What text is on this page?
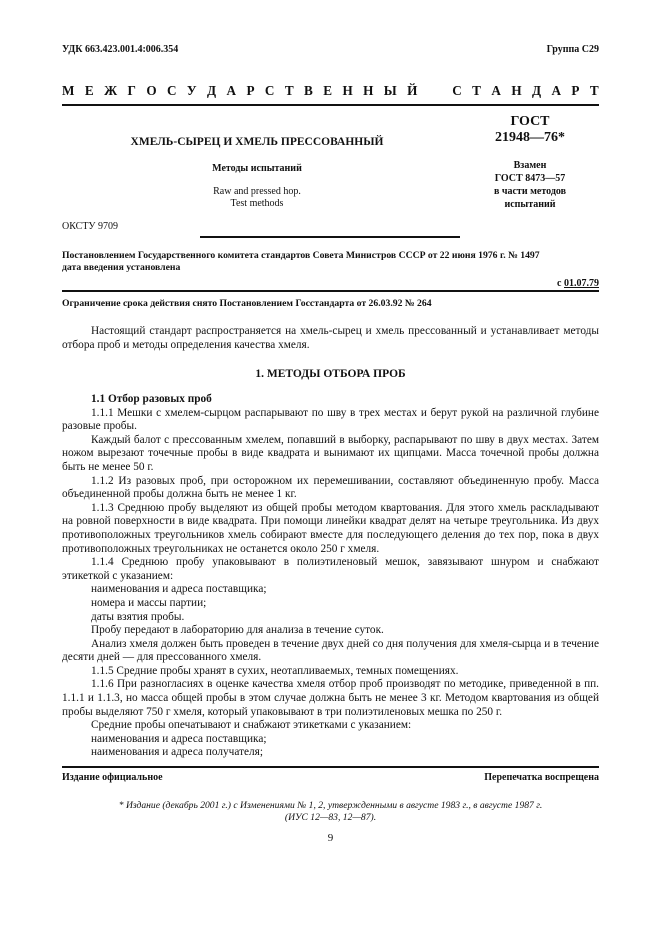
УДК 663.423.001.4:006.354	Группа С29
М Е Ж Г О С У Д А Р С Т В Е Н Н Ы Й	С Т А Н Д А Р Т
ХМЕЛЬ-СЫРЕЦ И ХМЕЛЬ ПРЕССОВАННЫЙ
Методы испытаний
Raw and pressed hop.
Test methods
ОКСТУ 9709
ГОСТ
21948—76*
Взамен
ГОСТ 8473—57
в части методов
испытаний
Постановлением Государственного комитета стандартов Совета Министров СССР от 22 июня 1976 г. № 1497
дата введения установлена
с 01.07.79
Ограничение срока действия снято Постановлением Госстандарта от 26.03.92 № 264

Настоящий стандарт распространяется на хмель-сырец и хмель прессованный и устанавливает методы отбора проб и методы определения качества хмеля.

1. МЕТОДЫ ОТБОРА ПРОБ

1.1 Отбор разовых проб

1.1.1 Мешки с хмелем-сырцом распарывают по шву в трех местах и берут рукой на различной глубине разовые пробы.

Каждый балот с прессованным хмелем, попавший в выборку, распарывают по шву в двух местах. Затем ножом вырезают точечные пробы в виде квадрата и вынимают их щипцами. Масса точечной пробы должна быть не менее 50 г.

1.1.2 Из разовых проб, при осторожном их перемешивании, составляют объединенную пробу. Масса объединенной пробы должна быть не менее 1 кг.

1.1.3 Среднюю пробу выделяют из общей пробы методом квартования. Для этого хмель раскладывают на ровной поверхности в виде квадрата. При помощи линейки квадрат делят на четыре треугольника. Из двух противоположных треугольников хмель собирают вместе для последующего деления до тех пор, пока в двух противоположных треугольниках не останется около 250 г хмеля.

1.1.4 Среднюю пробу упаковывают в полиэтиленовый мешок, завязывают шнуром и снабжают этикеткой с указанием:

наименования и адреса поставщика;

номера и массы партии;

даты взятия пробы.

Пробу передают в лабораторию для анализа в течение суток.

Анализ хмеля должен быть проведен в течение двух дней со дня получения для хмеля-сырца и в течение десяти дней — для прессованного хмеля.

1.1.5 Средние пробы хранят в сухих, неотапливаемых, темных помещениях.

1.1.6 При разногласиях в оценке качества хмеля отбор проб производят по методике, приведенной в пп. 1.1.1 и 1.1.3, но масса общей пробы в этом случае должна быть не менее 3 кг. Методом квартования из общей пробы выделяют 750 г хмеля, который упаковывают в три полиэтиленовых мешка по 250 г.

Средние пробы опечатывают и снабжают этикетками с указанием:

наименования и адреса поставщика;

наименования и адреса получателя;

Издание официальное	Перепечатка воспрещена
* Издание (декабрь 2001 г.) с Изменениями № 1, 2, утвержденными в августе 1983 г., в августе 1987 г.
(ИУС 12—83, 12—87).
9
